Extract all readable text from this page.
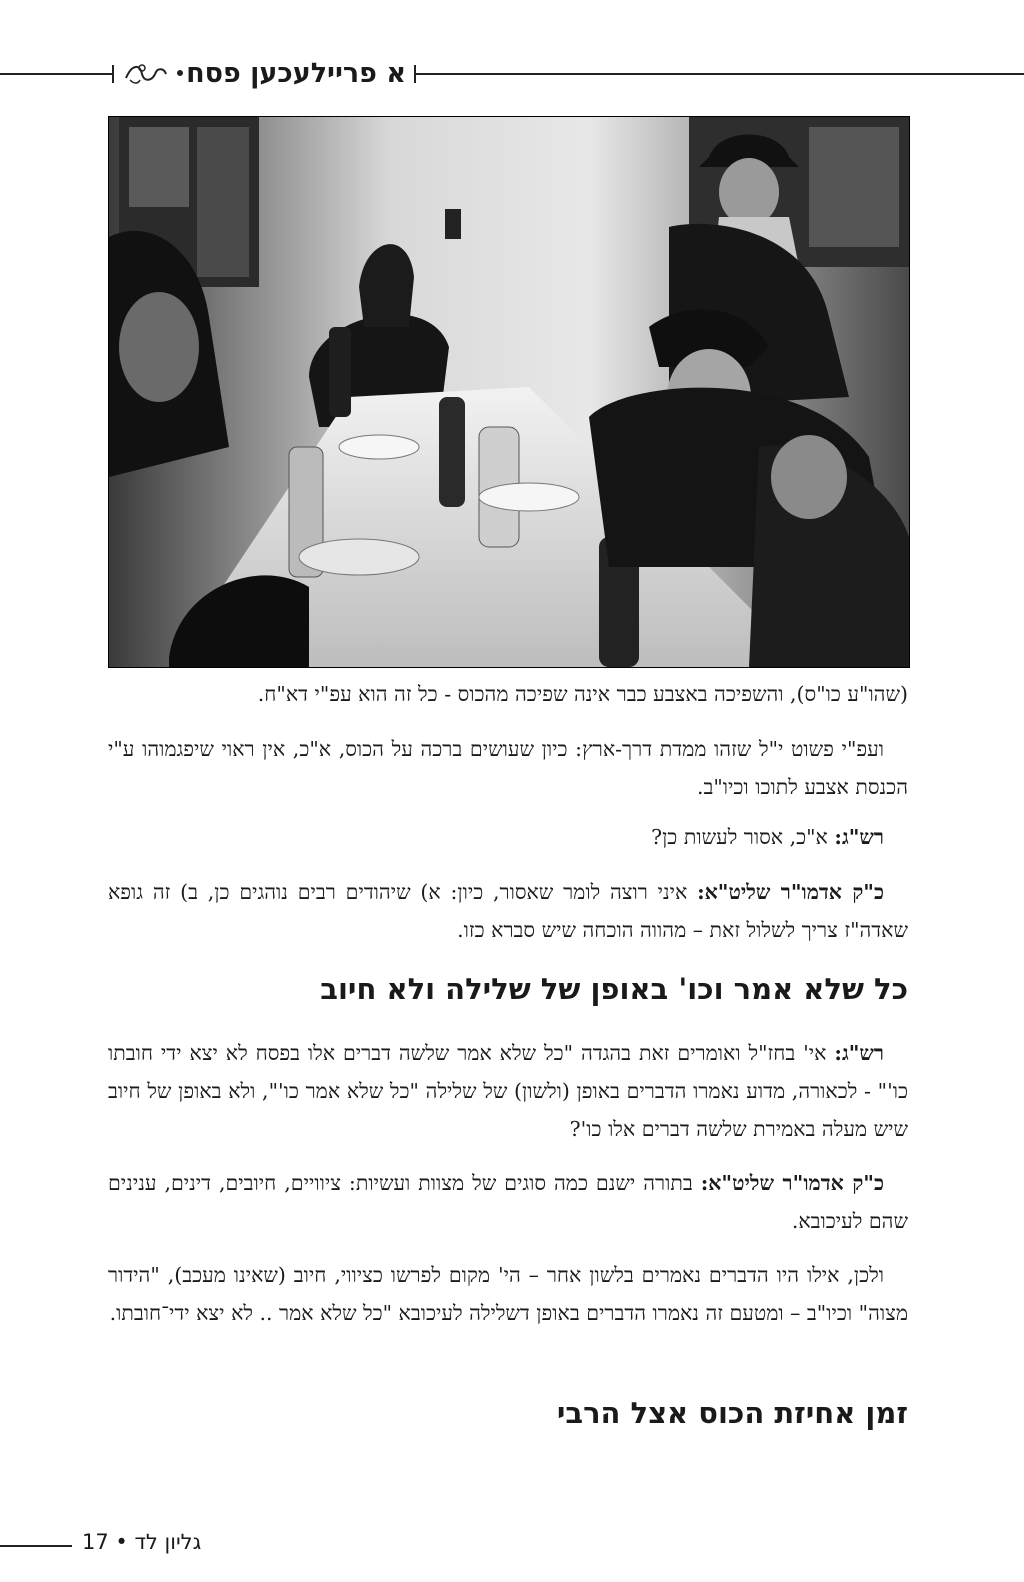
א פריילעכען פסח

(שהו"ע כו"ס), והשפיכה באצבע כבר אינה שפיכה מהכוס - כל זה הוא עפ"י דא"ח.

ועפ"י פשוט י"ל שזהו ממדת דרך-ארץ: כיון שעושים ברכה על הכוס, א"כ, אין ראוי שיפגמוהו ע"י הכנסת אצבע לתוכו וכיו"ב.

רש"ג: א"כ, אסור לעשות כן?

כ"ק אדמו"ר שליט"א: איני רוצה לומר שאסור, כיון: א) שיהודים רבים נוהגים כן, ב) זה גופא שאדה"ז צריך לשלול זאת – מהווה הוכחה שיש סברא כזו.

כל שלא אמר וכו' באופן של שלילה ולא חיוב

רש"ג: אי' בחז"ל ואומרים זאת בהגדה "כל שלא אמר שלשה דברים אלו בפסח לא יצא ידי חובתו כו'" - לכאורה, מדוע נאמרו הדברים באופן (ולשון) של שלילה "כל שלא אמר כו'", ולא באופן של חיוב שיש מעלה באמירת שלשה דברים אלו כו'?

כ"ק אדמו"ר שליט"א: בתורה ישנם כמה סוגים של מצוות ועשיות: ציוויים, חיובים, דינים, ענינים שהם לעיכובא.

ולכן, אילו היו הדברים נאמרים בלשון אחר – הי' מקום לפרשו כציווי, חיוב (שאינו מעכב), "הידור מצוה" וכיו"ב – ומטעם זה נאמרו הדברים באופן דשלילה לעיכובא "כל שלא אמר .. לא יצא ידי־חובתו.

זמן אחיזת הכוס אצל הרבי
גליון לד • 17
